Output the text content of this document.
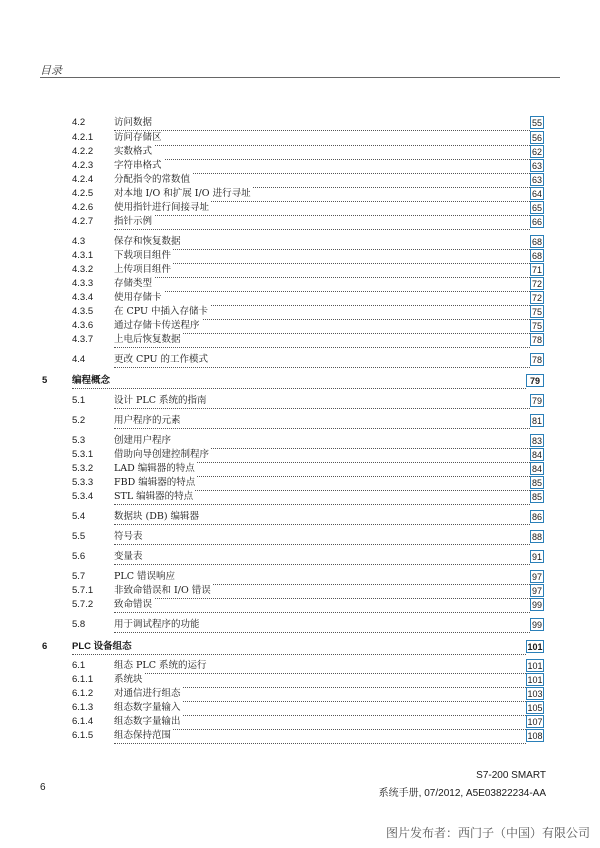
目录
4.2	访问数据	55
4.2.1 访问存储区	56
4.2.2 实数格式	62
4.2.3 字符串格式	63
4.2.4 分配指令的常数值	63
4.2.5 对本地 I/O 和扩展 I/O 进行寻址	64
4.2.6 使用指针进行间接寻址	65
4.2.7 指针示例	66
4.3	保存和恢复数据	68
4.3.1 下载项目组件	68
4.3.2 上传项目组件	71
4.3.3 存储类型	72
4.3.4 使用存储卡	72
4.3.5 在 CPU 中插入存储卡	75
4.3.6 通过存储卡传送程序	75
4.3.7 上电后恢复数据	78
4.4	更改 CPU 的工作模式	78
5	编程概念	79
5.1	设计 PLC 系统的指南	79
5.2	用户程序的元素	81
5.3	创建用户程序	83
5.3.1 借助向导创建控制程序	84
5.3.2 LAD 编辑器的特点	84
5.3.3 FBD 编辑器的特点	85
5.3.4 STL 编辑器的特点	85
5.4	数据块 (DB) 编辑器	86
5.5	符号表	88
5.6	变量表	91
5.7	PLC 错误响应	97
5.7.1 非致命错误和 I/O 错误	97
5.7.2 致命错误	99
5.8	用于调试程序的功能	99
6	PLC 设备组态	101
6.1	组态 PLC 系统的运行	101
6.1.1 系统块	101
6.1.2 对通信进行组态	103
6.1.3 组态数字量输入	105
6.1.4 组态数字量输出	107
6.1.5 组态保持范围	108
6
S7-200 SMART
系统手册, 07/2012, A5E03822234-AA
图片发布者：西门子（中国）有限公司
